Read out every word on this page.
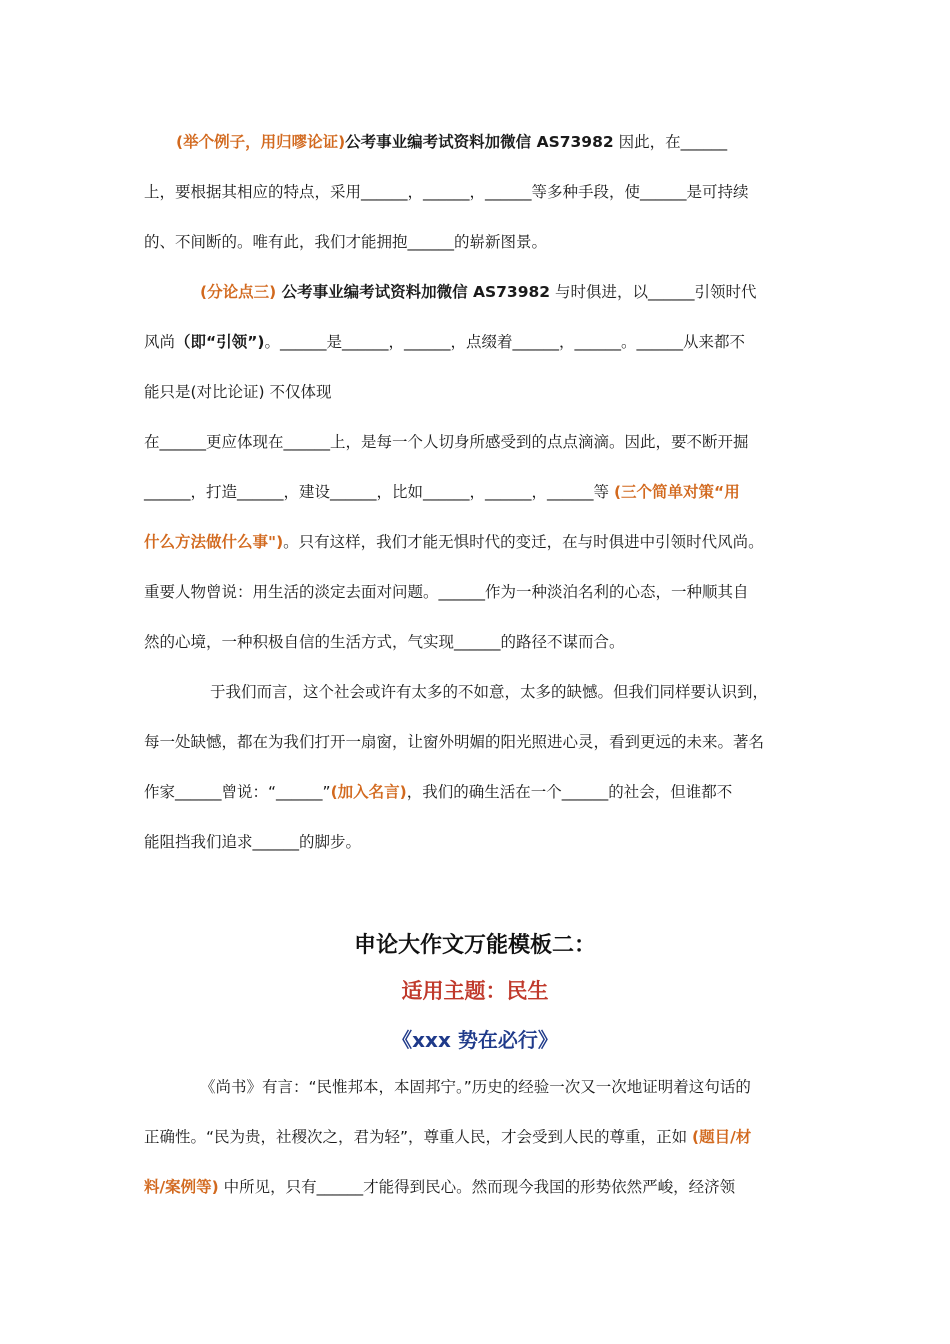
(举个例子，用归嘐论证)公考事业编考试资料加微信 AS73982 因此，在______
上，要根据其相应的特点，采用______，______，______等多种手段，使______是可持续
的、不间断的。唯有此，我们才能拥抱______的崭新图景。
(分论点三) 公考事业编考试资料加微信 AS73982 与时俱进，以______引领时代
风尚（即“引领”)。______是______，______，点缀着______，______。______从来都不
能只是(对比论证) 不仅体现
在______更应体现在______上，是每一个人切身所感受到的点点滴滴。因此，要不断开掘
______，打造______，建设______，比如______，______，______等 (三个简单对策“用
什么方法做什么事")。只有这样，我们才能无惧时代的变迁，在与时俱进中引领时代风尚。
重要人物曾说：用生活的淡定去面对问题。______作为一种淡泊名利的心态，一种顺其自
然的心境，一种积极自信的生活方式，气实现______的路径不谋而合。
于我们而言，这个社会或许有太多的不如意，太多的缺憾。但我们同样要认识到，
每一处缺憾，都在为我们打开一扇窗，让窗外明媚的阳光照进心灵，看到更远的未来。著名
作家______曾说：“______”(加入名言)，我们的确生活在一个______的社会，但谁都不
能阻挡我们追求______的脚步。
申论大作文万能模板二：
适用主题：民生
《xxx 势在必行》
《尚书》有言：“民惟邦本，本固邦宁。”历史的经验一次又一次地证明着这句话的
正确性。“民为贵，社稷次之，君为轻”，尊重人民，才会受到人民的尊重，正如 (题目/材
料/案例等) 中所见，只有______才能得到民心。然而现今我国的形势依然严峻，经济领
